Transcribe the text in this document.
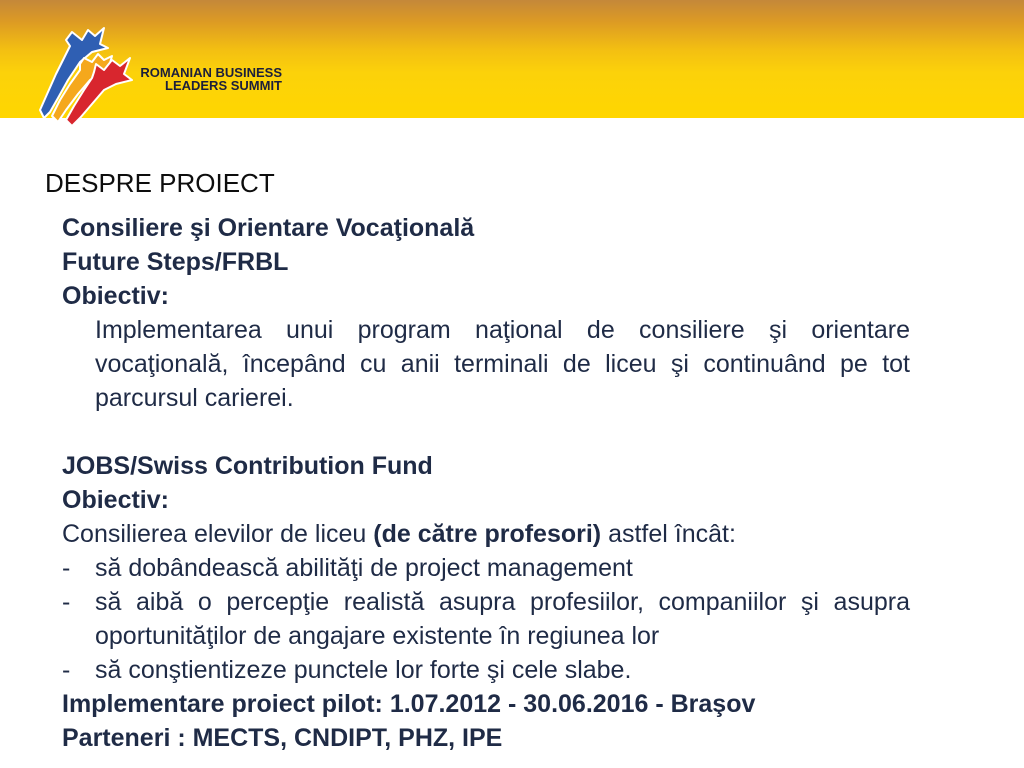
ROMANIAN BUSINESS
LEADERS SUMMIT
DESPRE PROIECT
Consiliere şi Orientare Vocaţională
Future Steps/FRBL
Obiectiv:
Implementarea unui program naţional de consiliere şi orientare vocaţională, începând cu anii terminali de liceu şi continuând pe tot parcursul carierei.
JOBS/Swiss Contribution Fund
Obiectiv:
Consilierea elevilor de liceu (de către profesori) astfel încât:
- să dobândească abilităţi de project management
- să aibă o percepţie realistă asupra profesiilor, companiilor şi asupra oportunităţilor de angajare existente în regiunea lor
- să conştientizeze punctele lor forte şi cele slabe.
Implementare proiect pilot: 1.07.2012 - 30.06.2016 - Braşov
Parteneri : MECTS, CNDIPT, PHZ, IPE
